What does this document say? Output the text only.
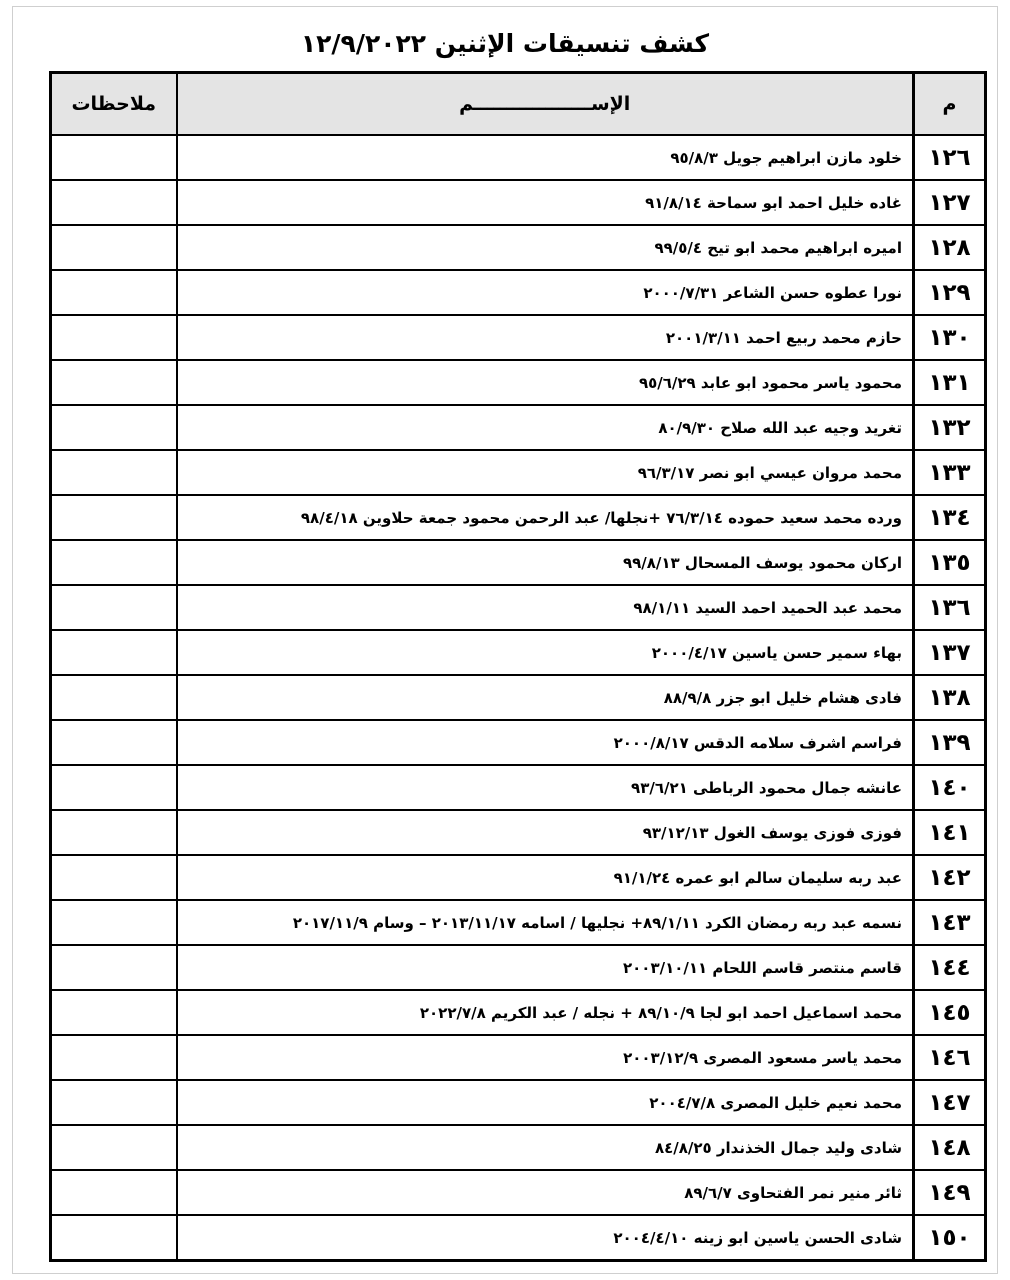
كشف تنسيقات الإثنين ١٢/٩/٢٠٢٢
م	الإســــــــــــــــــم	ملاحظات
١٢٦	خلود مازن ابراهيم جويل ٩٥/٨/٣	
١٢٧	غاده خليل احمد ابو سماحة ٩١/٨/١٤	
١٢٨	اميره ابراهيم محمد ابو تيح ٩٩/٥/٤	
١٢٩	نورا عطوه حسن الشاعر ٢٠٠٠/٧/٣١	
١٣٠	حازم محمد ربيع احمد ٢٠٠١/٣/١١	
١٣١	محمود ياسر محمود ابو عابد ٩٥/٦/٢٩	
١٣٢	تغريد وجيه عبد الله صلاح ٨٠/٩/٣٠	
١٣٣	محمد مروان عيسي ابو نصر ٩٦/٣/١٧	
١٣٤	ورده محمد سعيد حموده ٧٦/٣/١٤ +نجلها/ عبد الرحمن محمود جمعة حلاوين ٩٨/٤/١٨	
١٣٥	اركان محمود يوسف المسحال ٩٩/٨/١٣	
١٣٦	محمد عبد الحميد احمد السيد ٩٨/١/١١	
١٣٧	بهاء سمير حسن ياسين ٢٠٠٠/٤/١٧	
١٣٨	فادى هشام خليل ابو جزر ٨٨/٩/٨	
١٣٩	فراسم اشرف سلامه الدقس ٢٠٠٠/٨/١٧	
١٤٠	عانشه جمال محمود الرباطى ٩٣/٦/٢١	
١٤١	فوزى فوزى يوسف الغول ٩٣/١٢/١٣	
١٤٢	عبد ربه سليمان سالم ابو عمره ٩١/١/٢٤	
١٤٣	نسمه عبد ربه رمضان الكرد ٨٩/١/١١+ نجليها / اسامه ٢٠١٣/١١/١٧ – وسام ٢٠١٧/١١/٩	
١٤٤	قاسم منتصر قاسم اللحام ٢٠٠٣/١٠/١١	
١٤٥	محمد اسماعيل احمد ابو لجا ٨٩/١٠/٩ + نجله / عبد الكريم ٢٠٢٢/٧/٨	
١٤٦	محمد ياسر مسعود المصرى ٢٠٠٣/١٢/٩	
١٤٧	محمد نعيم خليل المصرى ٢٠٠٤/٧/٨	
١٤٨	شادى وليد جمال الخذندار ٨٤/٨/٢٥	
١٤٩	ثائر منير نمر الفتحاوى ٨٩/٦/٧	
١٥٠	شادى الحسن ياسين ابو زينه ٢٠٠٤/٤/١٠	
